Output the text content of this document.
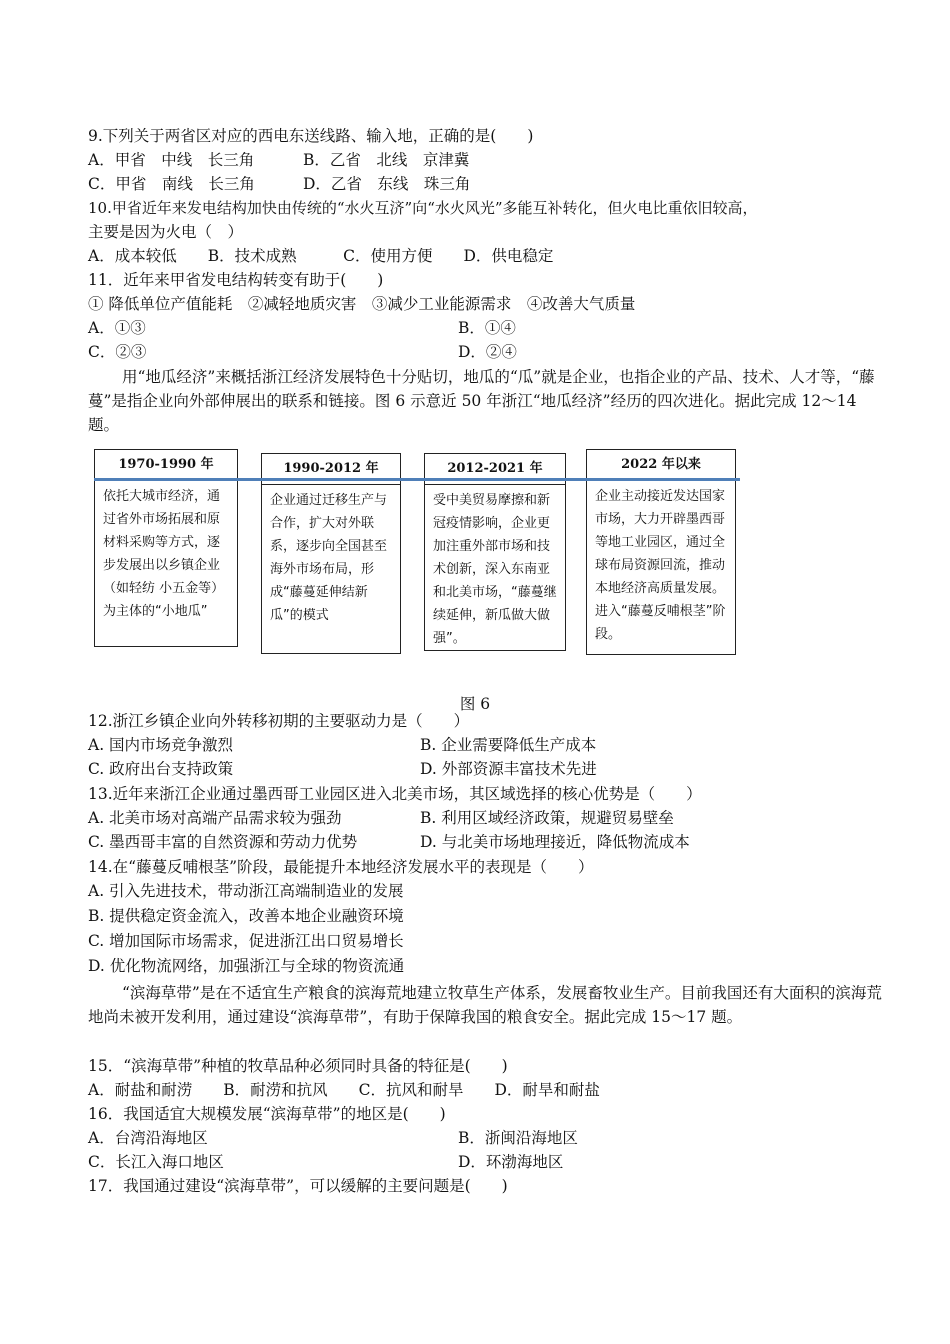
9.下列关于两省区对应的西电东送线路、输入地，正确的是(　　)
A．甲省　中线　长三角	B．乙省　北线　京津冀
C．甲省　南线　长三角	D．乙省　东线　珠三角
10.甲省近年来发电结构加快由传统的“水火互济”向“水火风光”多能互补转化，但火电比重依旧较高，
主要是因为火电（　）
A．成本较低　　B．技术成熟　　　C．使用方便　　D．供电稳定
11．近年来甲省发电结构转变有助于(　　)
① 降低单位产值能耗　②减轻地质灾害　③减少工业能源需求　④改善大气质量
A．①③	B．①④
C．②③	D．②④
用“地瓜经济”来概括浙江经济发展特色十分贴切，地瓜的“瓜”就是企业，也指企业的产品、技术、人才等，“藤蔓”是指企业向外部伸展出的联系和链接。图 6 示意近 50 年浙江“地瓜经济”经历的四次进化。据此完成 12～14 题。
1970-1990 年
依托大城市经济，通过省外市场拓展和原材料采购等方式，逐步发展出以乡镇企业（如轻纺 小五金等）为主体的“小地瓜”
1990-2012 年
企业通过迁移生产与合作，扩大对外联系，逐步向全国甚至海外市场布局，形成“藤蔓延伸结新瓜”的模式
2012-2021 年
受中美贸易摩擦和新冠疫情影响，企业更加注重外部市场和技术创新，深入东南亚和北美市场，“藤蔓继续延伸，新瓜做大做强”。
2022 年以来
企业主动接近发达国家市场，大力开辟墨西哥等地工业园区，通过全球布局资源回流，推动本地经济高质量发展。进入“藤蔓反哺根茎”阶段。
图 6
12.浙江乡镇企业向外转移初期的主要驱动力是（　　）
A. 国内市场竞争激烈	B. 企业需要降低生产成本
C. 政府出台支持政策	D. 外部资源丰富技术先进
13.近年来浙江企业通过墨西哥工业园区进入北美市场，其区域选择的核心优势是（　　）
A. 北美市场对高端产品需求较为强劲	B. 利用区域经济政策，规避贸易壁垒
C. 墨西哥丰富的自然资源和劳动力优势	D. 与北美市场地理接近，降低物流成本
14.在“藤蔓反哺根茎”阶段，最能提升本地经济发展水平的表现是（　　）
A. 引入先进技术，带动浙江高端制造业的发展
B. 提供稳定资金流入，改善本地企业融资环境
C. 增加国际市场需求，促进浙江出口贸易增长
D. 优化物流网络，加强浙江与全球的物资流通
“滨海草带”是在不适宜生产粮食的滨海荒地建立牧草生产体系，发展畜牧业生产。目前我国还有大面积的滨海荒地尚未被开发利用，通过建设“滨海草带”，有助于保障我国的粮食安全。据此完成 15～17 题。
15．“滨海草带”种植的牧草品种必须同时具备的特征是(　　)
A．耐盐和耐涝　　B．耐涝和抗风　　C．抗风和耐旱　　D．耐旱和耐盐
16．我国适宜大规模发展“滨海草带”的地区是(　　)
A．台湾沿海地区	B．浙闽沿海地区
C．长江入海口地区	D．环渤海地区
17．我国通过建设“滨海草带”，可以缓解的主要问题是(　　)
